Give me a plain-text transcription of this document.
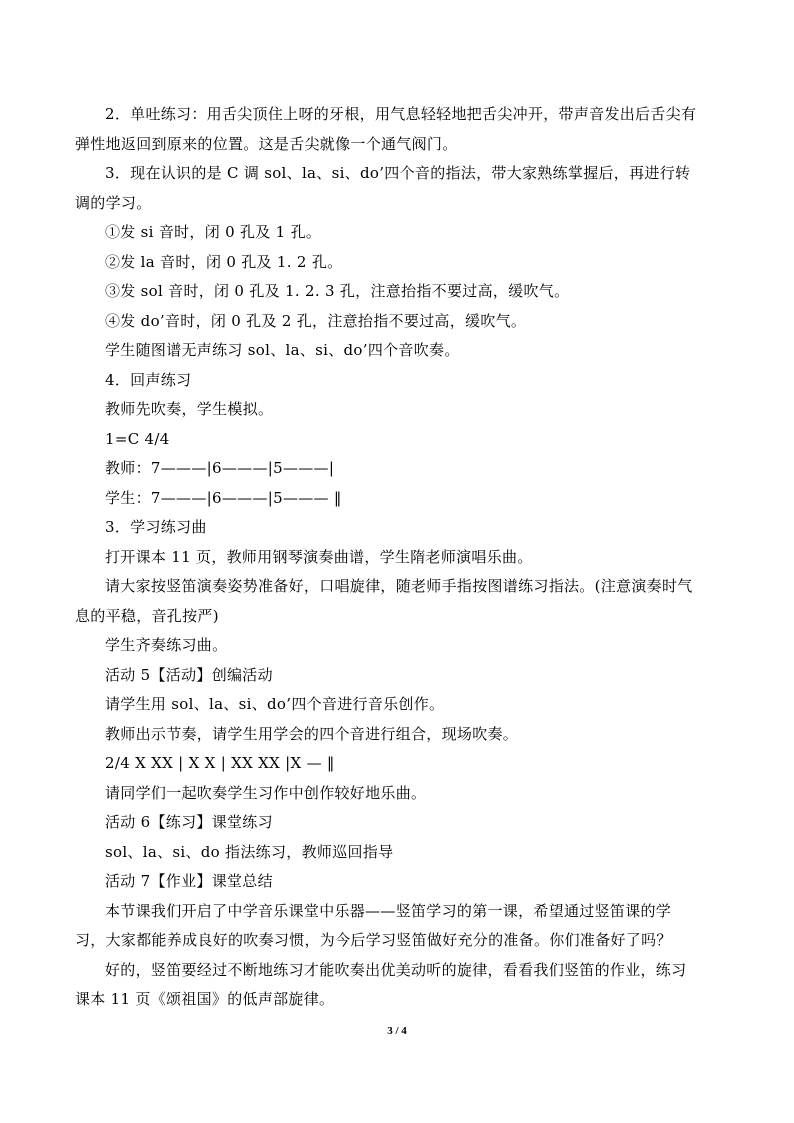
2．单吐练习：用舌尖顶住上呀的牙根，用气息轻轻地把舌尖冲开，带声音发出后舌尖有
弹性地返回到原来的位置。这是舌尖就像一个通气阀门。
3．现在认识的是 C 调 sol、la、si、do’四个音的指法，带大家熟练掌握后，再进行转
调的学习。
①发 si 音时，闭 0 孔及 1 孔。
②发 la 音时，闭 0 孔及 1. 2 孔。
③发 sol 音时，闭 0 孔及 1. 2. 3 孔，注意抬指不要过高，缓吹气。
④发 do’音时，闭 0 孔及 2 孔，注意抬指不要过高，缓吹气。
学生随图谱无声练习 sol、la、si、do’四个音吹奏。
4．回声练习
教师先吹奏，学生模拟。
1=C 4/4
教师：7———|6———|5———|
学生：7———|6———|5——— ‖
3．学习练习曲
打开课本 11 页，教师用钢琴演奏曲谱，学生隋老师演唱乐曲。
请大家按竖笛演奏姿势准备好，口唱旋律，随老师手指按图谱练习指法。(注意演奏时气
息的平稳，音孔按严)
学生齐奏练习曲。
活动 5【活动】创编活动
请学生用 sol、la、si、do’四个音进行音乐创作。
教师出示节奏，请学生用学会的四个音进行组合，现场吹奏。
2/4 X XX | X X | XX XX |X — ‖
请同学们一起吹奏学生习作中创作较好地乐曲。
活动 6【练习】课堂练习
sol、la、si、do 指法练习，教师巡回指导
活动 7【作业】课堂总结
本节课我们开启了中学音乐课堂中乐器——竖笛学习的第一课，希望通过竖笛课的学
习，大家都能养成良好的吹奏习惯，为今后学习竖笛做好充分的准备。你们准备好了吗？
好的，竖笛要经过不断地练习才能吹奏出优美动听的旋律，看看我们竖笛的作业，练习
课本 11 页《颂祖国》的低声部旋律。
3 / 4
